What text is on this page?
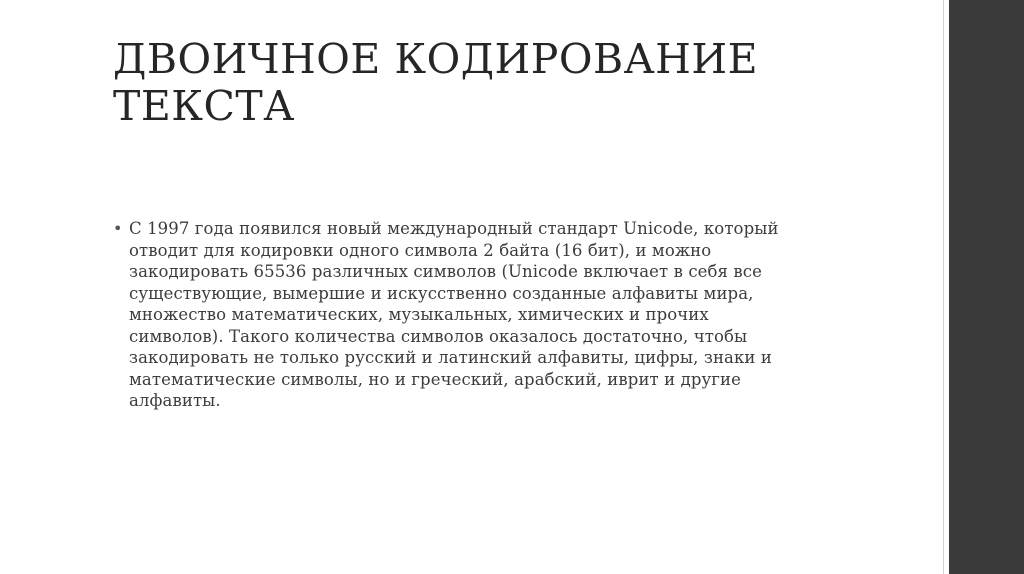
ДВОИЧНОЕ КОДИРОВАНИЕ
ТЕКСТА
• С 1997 года появился новый международный стандарт Unicode, который
отводит для кодировки одного символа 2 байта (16 бит), и можно
закодировать 65536 различных символов (Unicode включает в себя все
существующие, вымершие и искусственно созданные алфавиты мира,
множество математических, музыкальных, химических и прочих
символов). Такого количества символов оказалось достаточно, чтобы
закодировать не только русский и латинский алфавиты, цифры, знаки и
математические символы, но и греческий, арабский, иврит и другие
алфавиты.
